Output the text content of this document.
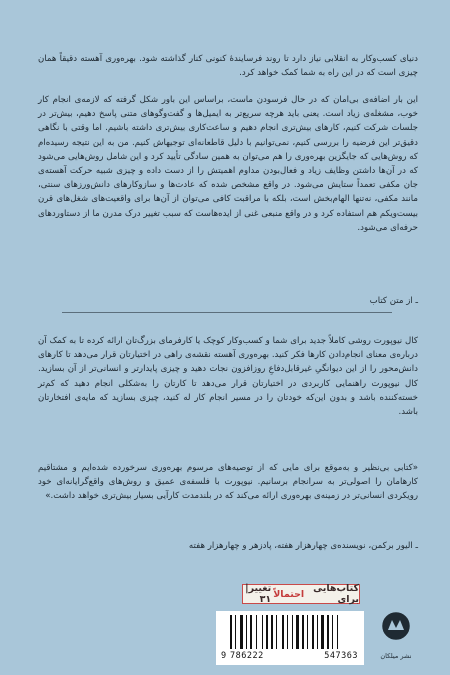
دنیای کسب‌وکار به انقلابی نیاز دارد تا روند فرسایندهٔ کنونی کنار گذاشته شود. بهره‌وری آهسته دقیقاً همان چیزی است که در این راه به شما کمک خواهد کرد.
این بار اضافه‌ی بی‌امان که در حال فرسودن ماست، براساس این باور شکل گرفته که لازمه‌ی انجام کار خوب، مشغله‌ی زیاد است. یعنی باید هرچه سریع‌تر به ایمیل‌ها و گفت‌وگوهای متنی پاسخ دهیم، بیش‌تر در جلسات شرکت کنیم، کارهای بیش‌تری انجام دهیم و ساعت‌کاری بیش‌تری داشته باشیم. اما وقتی با نگاهی دقیق‌تر این فرضیه را بررسی کنیم، نمی‌توانیم با دلیل قاطعانه‌ای توجیهاش کنیم. من به این نتیجه رسیده‌ام که روش‌هایی که جایگزین بهره‌وری را هم می‌توان به همین سادگی تأیید کرد و این شامل روش‌هایی می‌شود که در آن‌ها داشتن وظایف زیاد و فعال‌بودن مداوم اهمیتش را از دست داده و چیزی شبیه حرکت آهسته‌ی جان مکفی تعمداً ستایش می‌شود. در واقع مشخص شده که عادت‌ها و سازوکارهای دانش‌ورزهای سنتی، مانند مکفی، نه‌تنها الهام‌بخش است، بلکه با مراقبت کافی می‌توان از آن‌ها برای واقعیت‌های شغل‌های قرن بیست‌ویکم هم استفاده کرد و در واقع منبعی غنی از ایده‌هاست که سبب تغییر درک مدرن ما از دستاوردهای حرفه‌ای می‌شود.
ـ از متن کتاب
کال نیوپورت روشی کاملاً جدید برای شما و کسب‌وکار کوچک یا کارفرمای بزرگ‌تان ارائه کرده تا به کمک آن درباره‌ی معنای انجام‌دادن کارها فکر کنید. بهره‌وری آهسته نقشه‌ی راهی در اختیارتان قرار می‌دهد تا کارهای دانش‌محور را از این دیوانگیِ غیرقابل‌دفاعِ روزافزون نجات دهید و چیزی پایدارتر و انسانی‌تر از آن بسازید. کال نیوپورت راهنمایی کاربردی در اختیارتان قرار می‌دهد تا کارتان را به‌شکلی انجام دهید که کم‌تر خسته‌کننده باشد و بدون این‌که خودتان را در مسیر انجام کار له کنید، چیزی بسازید که مایه‌ی افتخارتان باشد.
«کتابی بی‌نظیر و به‌موقع برای مایی که از توصیه‌های مرسوم بهره‌وری سرخورده شده‌ایم و مشتاقیم کارهامان را اصولی‌تر به سرانجام برسانیم. نیوپورت با فلسفه‌ی عمیق و روش‌های واقع‌گرایانه‌ای خود رویکردی انسانی‌تر در زمینه‌ی بهره‌وری ارائه می‌کند که در بلندمدت کارآیی بسیار بیش‌تری خواهد داشت.»
ـ الیور برکمن، نویسنده‌ی چهارهزار هفته، پادزهر و چهارهزار هفته
کتاب‌هایی برای
احتمالاً
تغییر|۳۱
9 786222	547363	نشر میلکان
